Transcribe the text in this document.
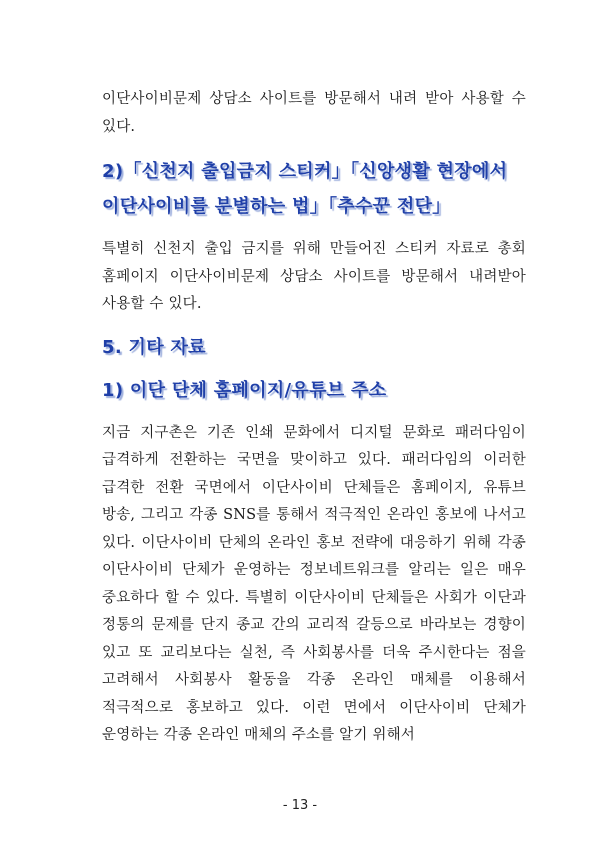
이단사이비문제 상담소 사이트를 방문해서 내려 받아 사용할 수 있다.

2)「신천지 출입금지 스티커」「신앙생활 현장에서 이단사이비를 분별하는 법」「추수꾼 전단」

특별히 신천지 출입 금지를 위해 만들어진 스티커 자료로 총회 홈페이지 이단사이비문제 상담소 사이트를 방문해서 내려받아 사용할 수 있다.

5. 기타 자료
1) 이단 단체 홈페이지/유튜브 주소

지금 지구촌은 기존 인쇄 문화에서 디지털 문화로 패러다임이 급격하게 전환하는 국면을 맞이하고 있다. 패러다임의 이러한 급격한 전환 국면에서 이단사이비 단체들은 홈페이지, 유튜브 방송, 그리고 각종 SNS를 통해서 적극적인 온라인 홍보에 나서고 있다. 이단사이비 단체의 온라인 홍보 전략에 대응하기 위해 각종 이단사이비 단체가 운영하는 정보네트워크를 알리는 일은 매우 중요하다 할 수 있다. 특별히 이단사이비 단체들은 사회가 이단과 정통의 문제를 단지 종교 간의 교리적 갈등으로 바라보는 경향이 있고 또 교리보다는 실천, 즉 사회봉사를 더욱 주시한다는 점을 고려해서 사회봉사 활동을 각종 온라인 매체를 이용해서 적극적으로 홍보하고 있다. 이런 면에서 이단사이비 단체가 운영하는 각종 온라인 매체의 주소를 알기 위해서

- 13 -
